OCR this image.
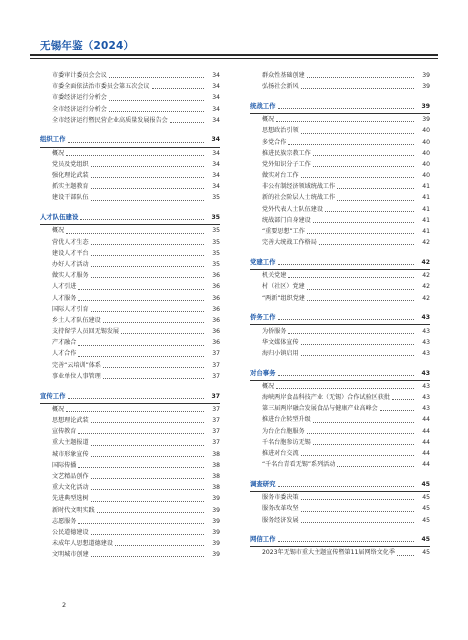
无锡年鉴（2024）
市委审计委员会会议	34
市委全面依法治市委员会第五次会议	34
市委经济运行分析会	34
全市经济运行分析会	34
全市经济运行暨民营企业高质量发展报告会	34
组织工作	34
概况	34
党员及党组织	34
强化理论武装	34
抓实主题教育	34
建设干部队伍	35
人才队伍建设	35
概况	35
营优人才生态	35
建设人才平台	35
办好人才活动	35
做实人才服务	36
人才引进	36
人才服务	36
国际人才引育	36
乡土人才队伍建设	36
支持留学人员回无锡发展	36
产才融合	36
人才合作	37
完善“云培训”体系	37
事业单位人事管理	37
宣传工作	37
概况	37
思想理论武装	37
宣传教育	37
重大主题报道	37
城市形象宣传	38
国际传播	38
文艺精品创作	38
重大文化活动	38
先进典型选树	39
新时代文明实践	39
志愿服务	39
公民道德建设	39
未成年人思想道德建设	39
文明城市创建	39
群众性基础创建	39
弘扬社会新风	39
统战工作	39
概况	39
思想政治引领	40
多党合作	40
推进民族宗教工作	40
党外知识分子工作	40
做实对台工作	40
非公有制经济领域统战工作	41
新的社会阶层人士统战工作	41
党外代表人士队伍建设	41
统战部门自身建设	41
“重要思想”工作	41
完善大统战工作格局	42
党建工作	42
机关党建	42
村（社区）党建	42
“两新”组织党建	42
侨务工作	43
为侨服务	43
华文媒体宣传	43
海归小镇启用	43
对台事务	43
概况	43
海峡两岸食品科技产业（无锡）合作试验区获批	43
第三届两岸融合发展食品与健康产业高峰会	43
推进台企转型升级	44
为台企台胞服务	44
千名台胞参访无锡	44
推进对台交流	44
“千名台青看无锡”系列活动	44
调查研究	45
服务市委决策	45
服务改革攻坚	45
服务经济发展	45
网信工作	45
2023年无锡市重大主题宣传暨第11届网络文化季	45
2
